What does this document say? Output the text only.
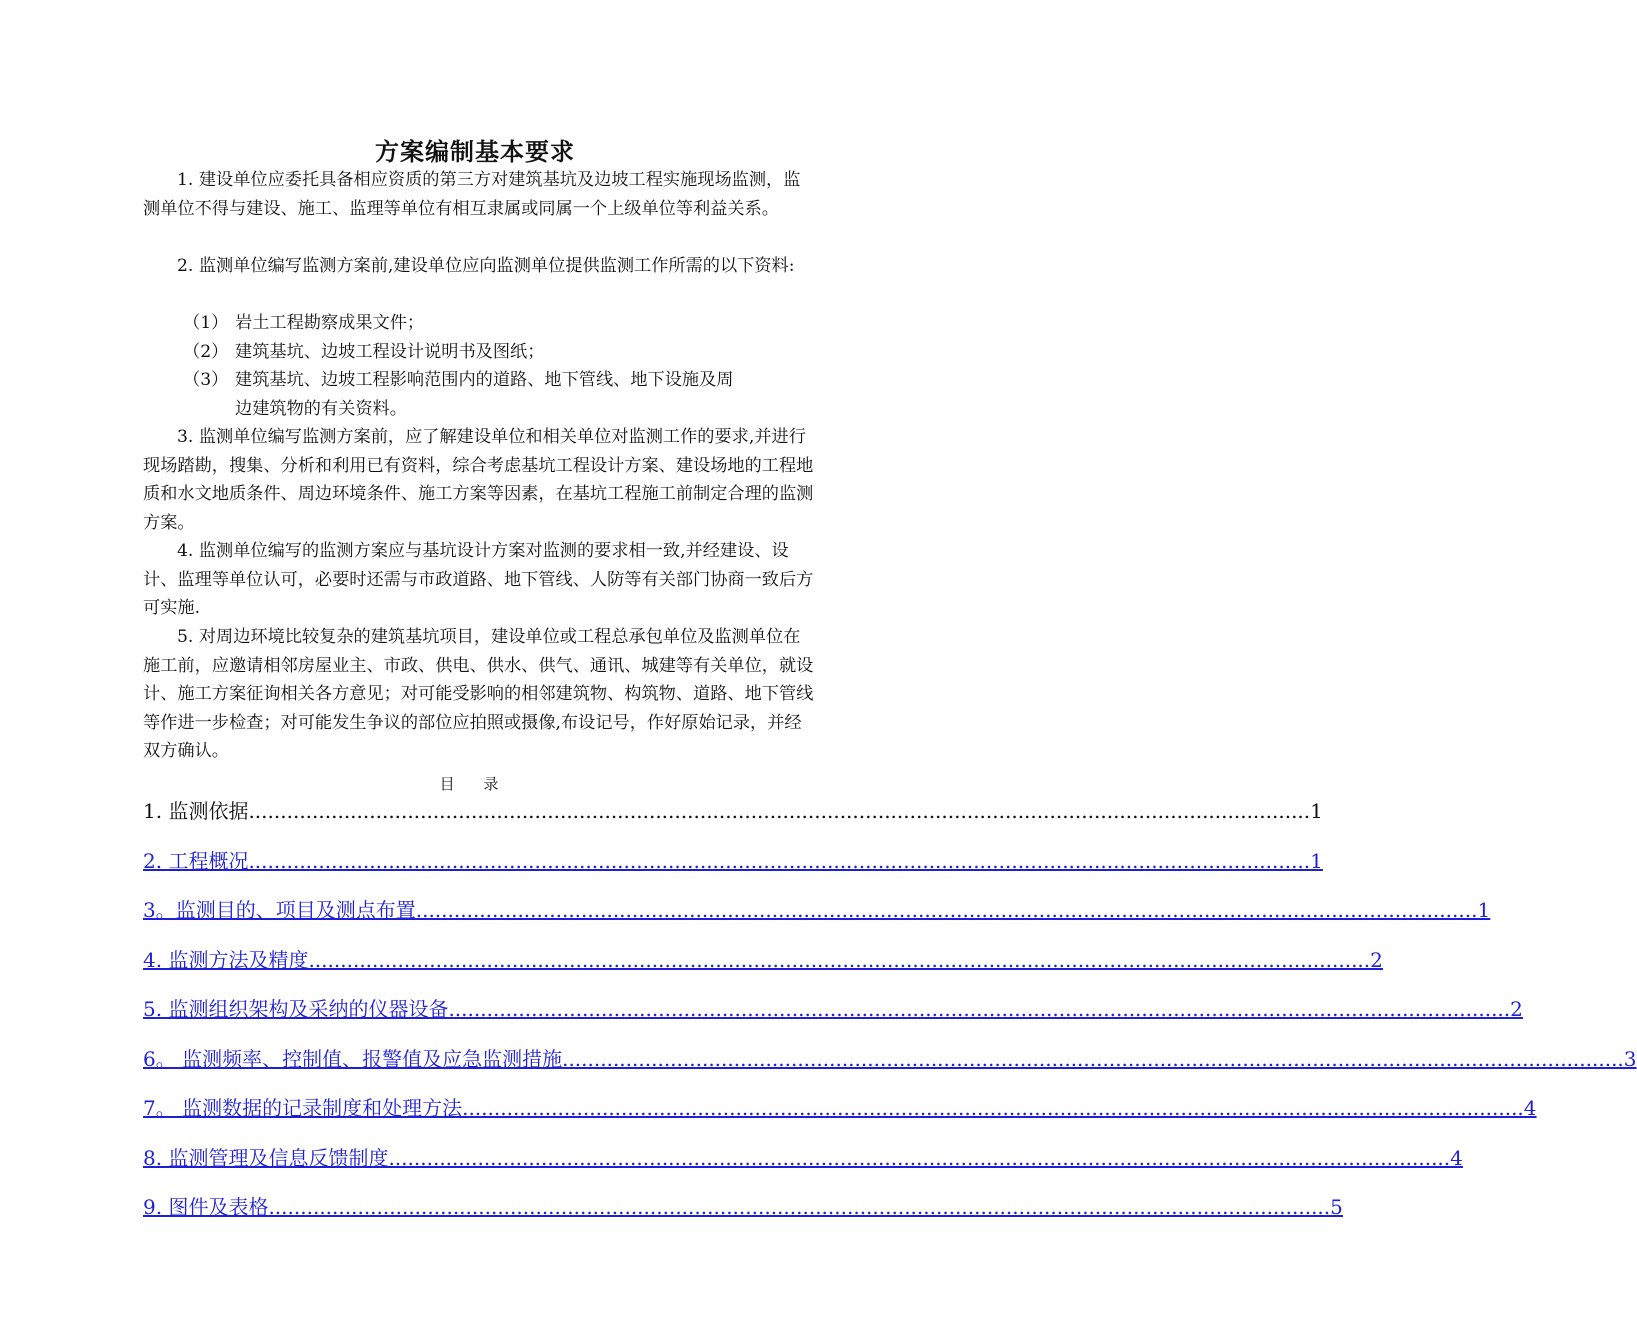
方案编制基本要求

1. 建设单位应委托具备相应资质的第三方对建筑基坑及边坡工程实施现场监测，监测单位不得与建设、施工、监理等单位有相互隶属或同属一个上级单位等利益关系。

2. 监测单位编写监测方案前,建设单位应向监测单位提供监测工作所需的以下资料:

（1） 岩土工程勘察成果文件；
（2） 建筑基坑、边坡工程设计说明书及图纸；
（3） 建筑基坑、边坡工程影响范围内的道路、地下管线、地下设施及周
边建筑物的有关资料。

3. 监测单位编写监测方案前，应了解建设单位和相关单位对监测工作的要求,并进行现场踏勘，搜集、分析和利用已有资料，综合考虑基坑工程设计方案、建设场地的工程地质和水文地质条件、周边环境条件、施工方案等因素，在基坑工程施工前制定合理的监测方案。

4. 监测单位编写的监测方案应与基坑设计方案对监测的要求相一致,并经建设、设计、监理等单位认可，必要时还需与市政道路、地下管线、人防等有关部门协商一致后方可实施.

5. 对周边环境比较复杂的建筑基坑项目，建设单位或工程总承包单位及监测单位在施工前，应邀请相邻房屋业主、市政、供电、供水、供气、通讯、城建等有关单位，就设计、施工方案征询相关各方意见；对可能受影响的相邻建筑物、构筑物、道路、地下管线等作进一步检查；对可能发生争议的部位应拍照或摄像,布设记号，作好原始记录，并经双方确认。

目 录
1. 监测依据 ....................................................................................................................................................................... 1
2. 工程概况 ....................................................................................................................................................................... 1
3。监测目的、项目及测点布置 ....................................................................................................................................................................... 1
4. 监测方法及精度 ....................................................................................................................................................................... 2
5. 监测组织架构及采纳的仪器设备 ....................................................................................................................................................................... 2
6。 监测频率、控制值、报警值及应急监测措施 ....................................................................................................................................................................... 3
7。 监测数据的记录制度和处理方法 ....................................................................................................................................................................... 4
8. 监测管理及信息反馈制度 ....................................................................................................................................................................... 4
9. 图件及表格 ....................................................................................................................................................................... 5
